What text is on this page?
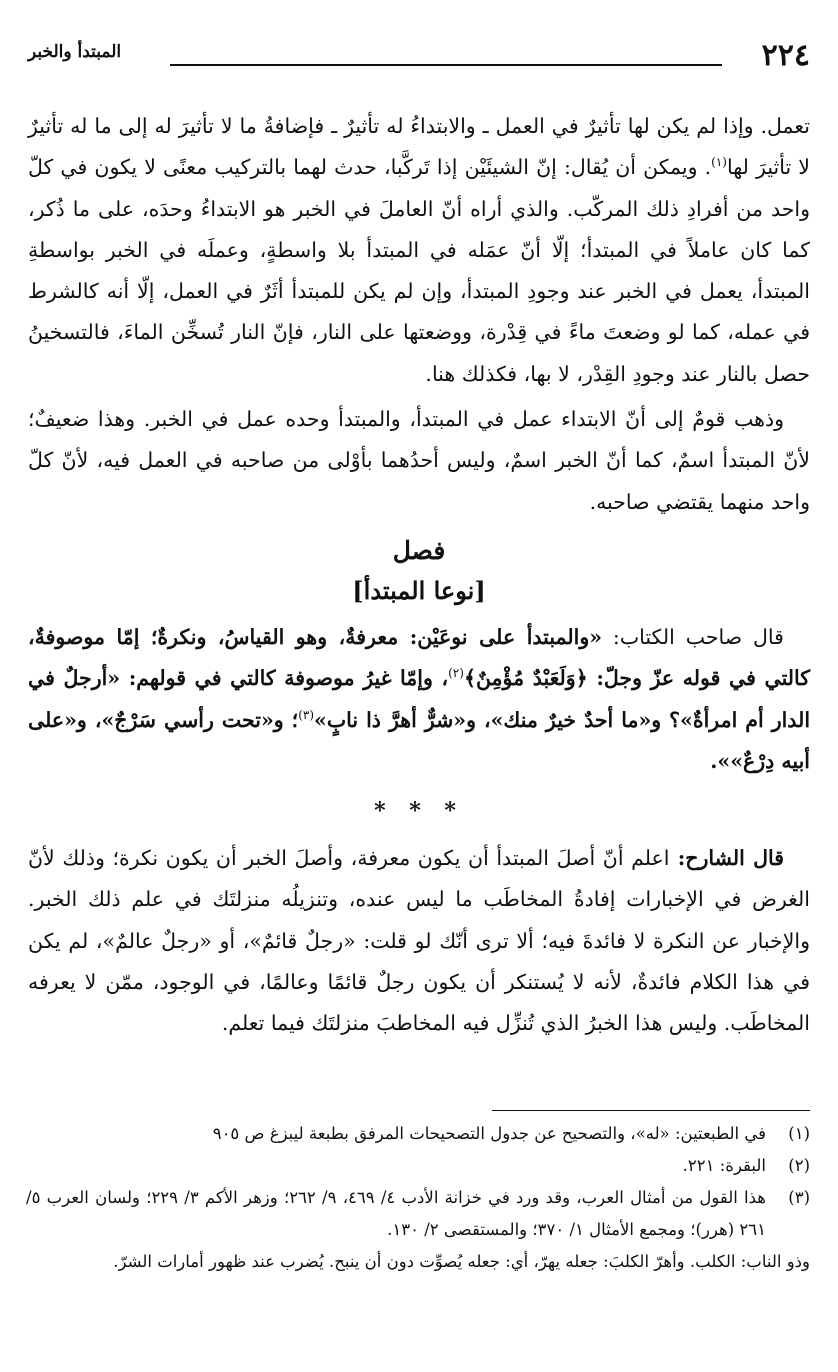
٢٢٤
المبتدأ والخبر

تعمل. وإذا لم يكن لها تأثيرٌ في العمل ـ والابتداءُ له تأثيرٌ ـ فإضافةُ ما لا تأثيرَ له إلى ما له تأثيرٌ لا تأثيرَ لها$^{(١)}$. ويمكن أن يُقال: إنّ الشيئَيْن إذا تَركَّبا، حدث لهما بالتركيب معنًى لا يكون في كلّ واحد من أفرادِ ذلك المركّب. والذي أراه أنّ العاملَ في الخبر هو الابتداءُ وحدَه، على ما ذُكر، كما كان عاملاً في المبتدأ؛ إلّا أنّ عمَله في المبتدأ بلا واسطةٍ، وعملَه في الخبر بواسطةِ المبتدأ، يعمل في الخبر عند وجودِ المبتدأ، وإن لم يكن للمبتدأ أثَرٌ في العمل، إلّا أنه كالشرط في عمله، كما لو وضعتَ ماءً في قِدْرة، ووضعتها على النار، فإنّ النار تُسخِّن الماءَ، فالتسخينُ حصل بالنار عند وجودِ القِدْر، لا بها، فكذلك هنا.

وذهب قومٌ إلى أنّ الابتداء عمل في المبتدأ، والمبتدأ وحده عمل في الخبر. وهذا ضعيفٌ؛ لأنّ المبتدأ اسمٌ، كما أنّ الخبر اسمٌ، وليس أحدُهما بأوْلى من صاحبه في العمل فيه، لأنّ كلّ واحد منهما يقتضي صاحبه.

فصل
[نوعا المبتدأ]

قال صاحب الكتاب: «والمبتدأ على نوعَيْن: معرفةٌ، وهو القياسُ، ونكرةٌ؛ إمّا موصوفةٌ، كالتي في قوله عزّ وجلّ: ﴿وَلَعَبْدٌ مُؤْمِنٌ﴾$^{(٢)}$، وإمّا غيرُ موصوفة كالتي في قولهم: «أرجلٌ في الدار أم امرأةٌ»؟ و«ما أحدٌ خيرٌ منك»، و«شرٌّ أهرَّ ذا نابٍ»$^{(٣)}$؛ و«تحت رأسي سَرْجٌ»، و«على أبيه دِرْعٌ»».

* * *

قال الشارح: اعلم أنّ أصلَ المبتدأ أن يكون معرفة، وأصلَ الخبر أن يكون نكرة؛ وذلك لأنّ الغرض في الإخبارات إفادةُ المخاطَب ما ليس عنده، وتنزيلُه منزلتَك في علم ذلك الخبر. والإخبار عن النكرة لا فائدةَ فيه؛ ألا ترى أنّك لو قلت: «رجلٌ قائمٌ»، أو «رجلٌ عالمٌ»، لم يكن في هذا الكلام فائدةٌ، لأنه لا يُستنكر أن يكون رجلٌ قائمًا وعالمًا، في الوجود، ممّن لا يعرفه المخاطَب. وليس هذا الخبرُ الذي تُنزِّل فيه المخاطبَ منزلتَك فيما تعلم.

(١)
في الطبعتين: «له»، والتصحيح عن جدول التصحيحات المرفق بطبعة ليبزغ ص ٩٠٥
(٢)
البقرة: ٢٢١.
(٣)
هذا القول من أمثال العرب، وقد ورد في خزانة الأدب ٤/ ٤٦٩، ٩/ ٢٦٢؛ وزهر الأكم ٣/ ٢٢٩؛ ولسان العرب ٥/ ٢٦١ (هرر)؛ ومجمع الأمثال ١/ ٣٧٠؛ والمستقصى ٢/ ١٣٠.
وذو الناب: الكلب. وأهرّ الكلبَ: جعله يهرّ، أي: جعله يُصوِّت دون أن ينبح. يُضرب عند ظهور أمارات الشرّ.
